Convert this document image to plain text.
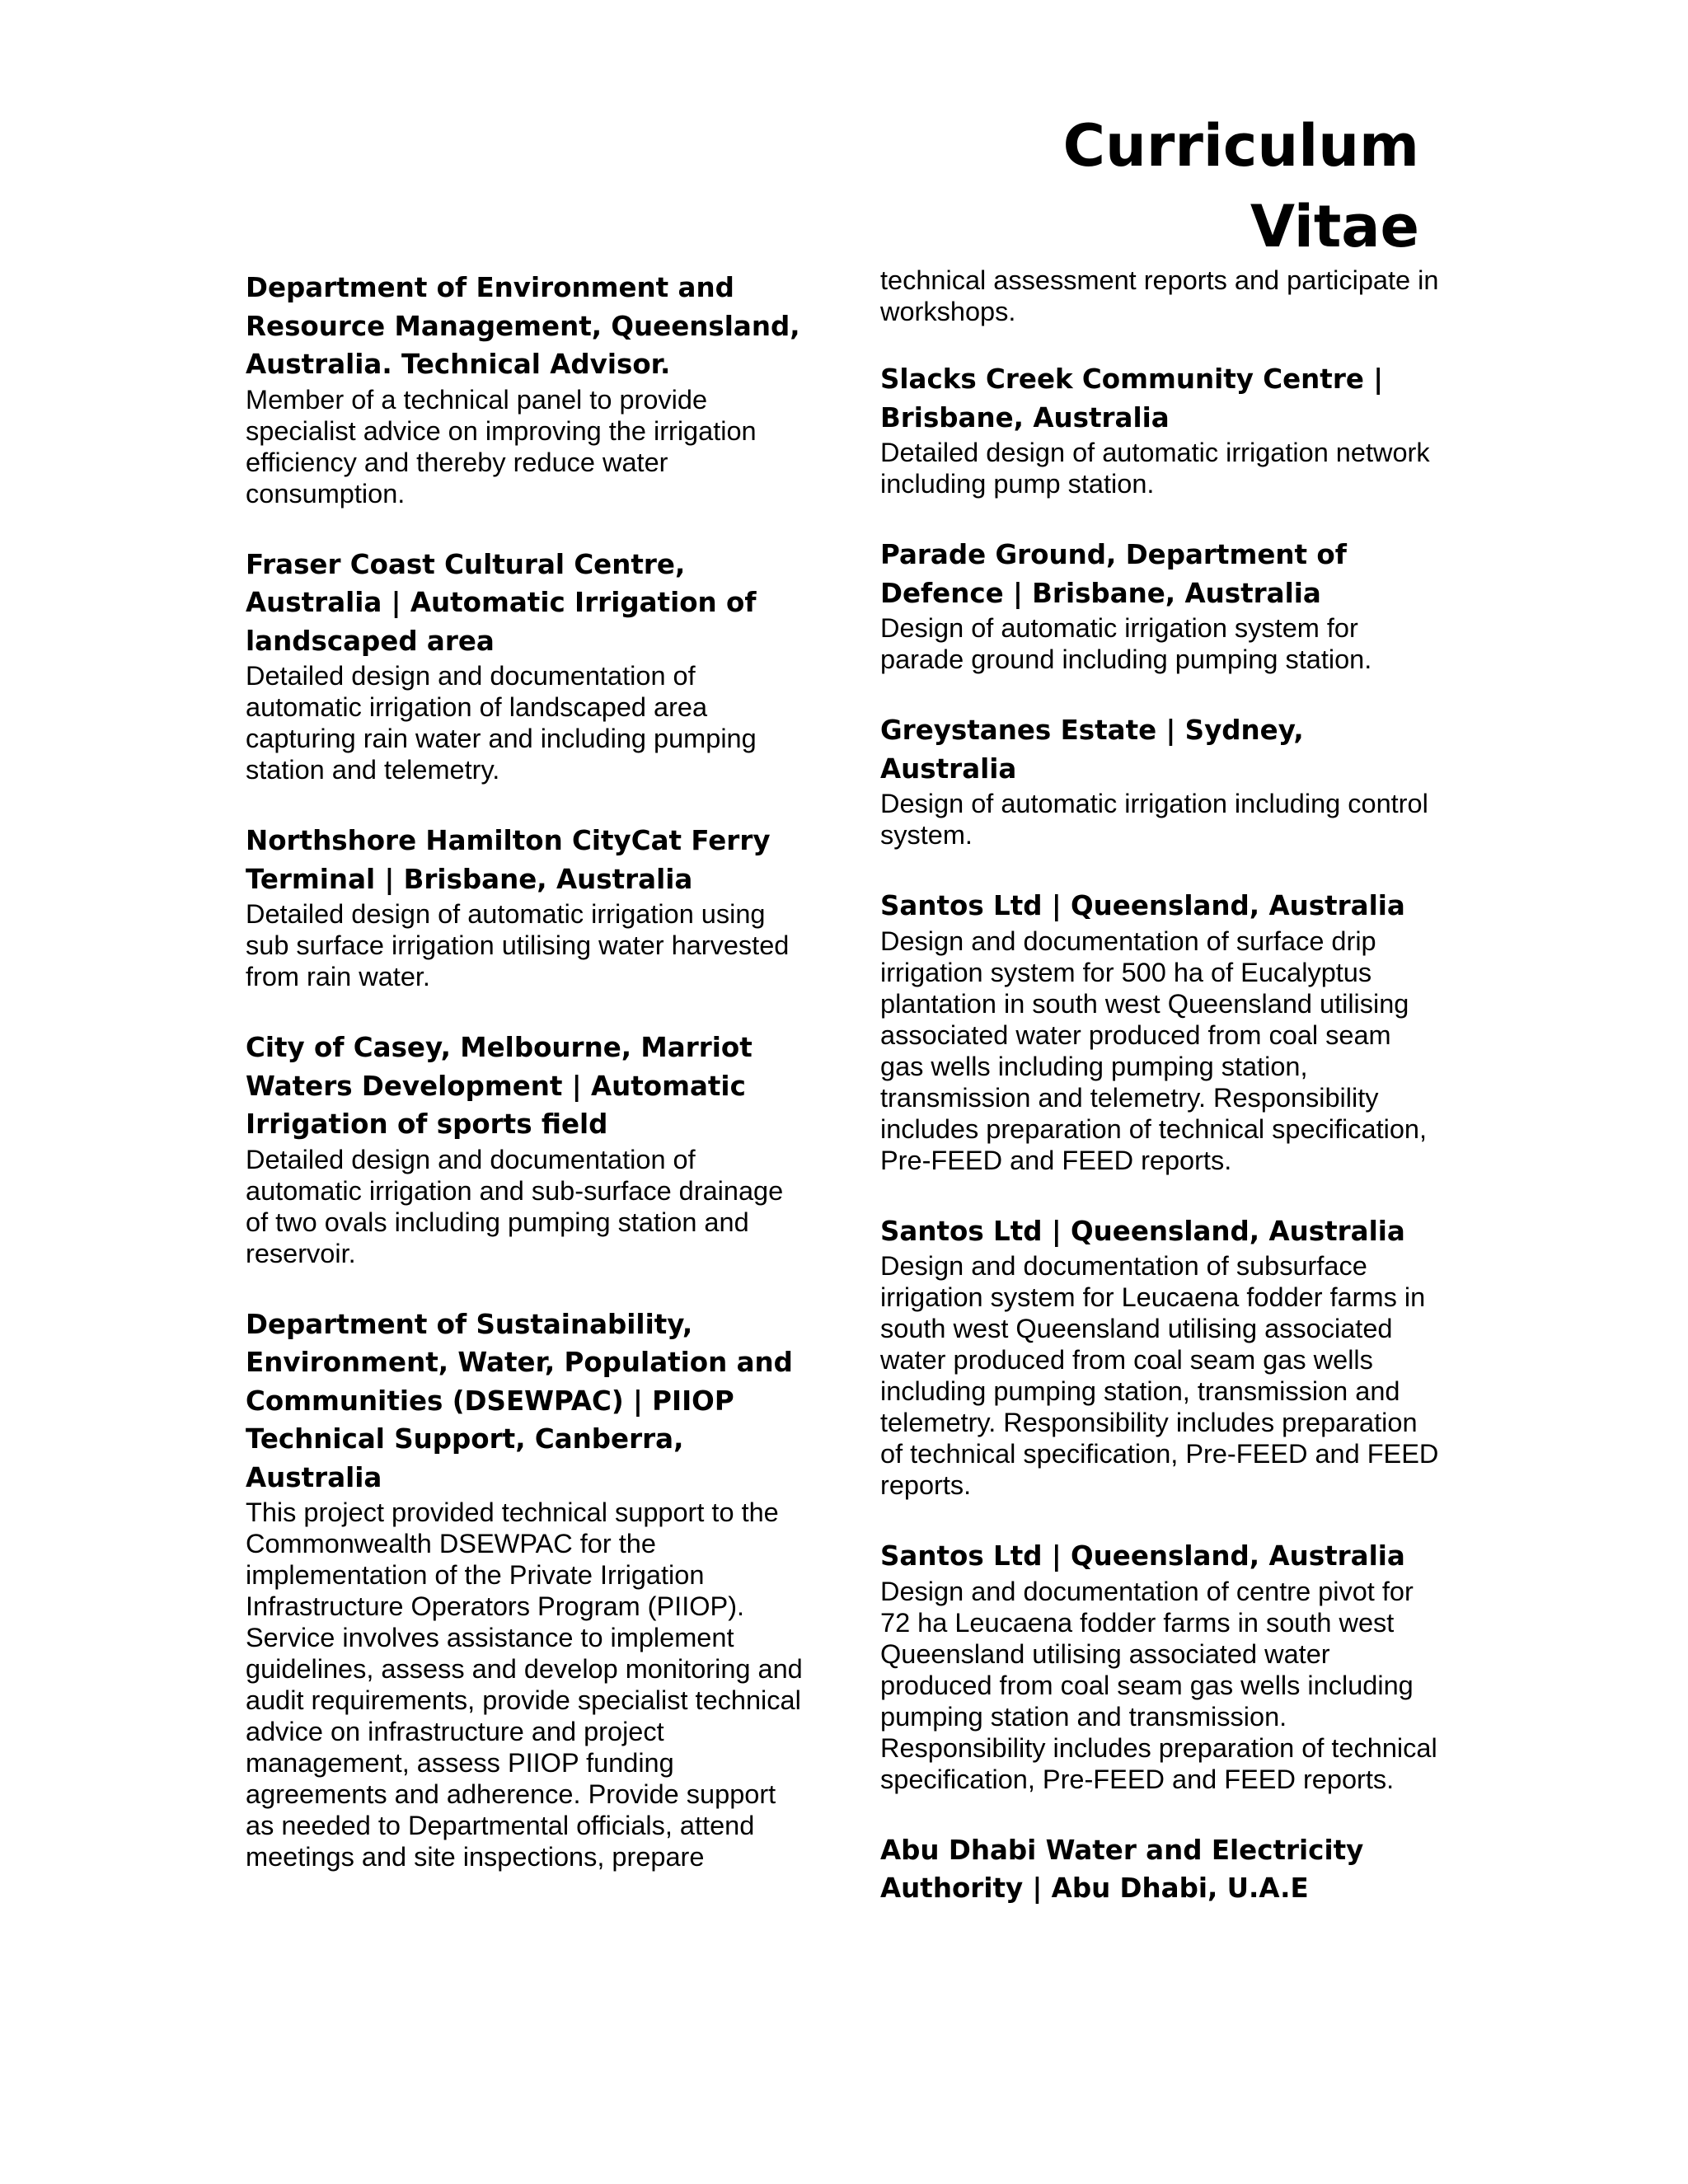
Curriculum
Vitae

Department of Environment and Resource Management, Queensland, Australia. Technical Advisor.

Member of a technical panel to provide specialist advice on improving the irrigation efficiency and thereby reduce water consumption.

Fraser Coast Cultural Centre, Australia | Automatic Irrigation of landscaped area

Detailed design and documentation of automatic irrigation of landscaped area capturing rain water and including pumping station and telemetry.

Northshore Hamilton CityCat Ferry Terminal | Brisbane, Australia

Detailed design of automatic irrigation using sub surface irrigation utilising water harvested from rain water.

City of Casey, Melbourne, Marriot Waters Development | Automatic Irrigation of sports field

Detailed design and documentation of automatic irrigation and sub-surface drainage of two ovals including pumping station and reservoir.

Department of Sustainability, Environment, Water, Population and Communities (DSEWPAC) | PIIOP Technical Support, Canberra, Australia

This project provided technical support to the Commonwealth DSEWPAC for the implementation of the Private Irrigation Infrastructure Operators Program (PIIOP). Service involves assistance to implement guidelines, assess and develop monitoring and audit requirements, provide specialist technical advice on infrastructure and project management, assess PIIOP funding agreements and adherence. Provide support as needed to Departmental officials, attend meetings and site inspections, prepare

technical assessment reports and participate in workshops.

Slacks Creek Community Centre | Brisbane, Australia

Detailed design of automatic irrigation network including pump station.

Parade Ground, Department of Defence | Brisbane, Australia

Design of automatic irrigation system for parade ground including pumping station.

Greystanes Estate | Sydney, Australia

Design of automatic irrigation including control system.

Santos Ltd | Queensland, Australia

Design and documentation of surface drip irrigation system for 500 ha of Eucalyptus plantation in south west Queensland utilising associated water produced from coal seam gas wells including pumping station, transmission and telemetry. Responsibility includes preparation of technical specification, Pre-FEED and FEED reports.

Santos Ltd | Queensland, Australia

Design and documentation of subsurface irrigation system for Leucaena fodder farms in south west Queensland utilising associated water produced from coal seam gas wells including pumping station, transmission and telemetry. Responsibility includes preparation of technical specification, Pre-FEED and FEED reports.

Santos Ltd | Queensland, Australia

Design and documentation of centre pivot for 72 ha Leucaena fodder farms in south west Queensland utilising associated water produced from coal seam gas wells including pumping station and transmission. Responsibility includes preparation of technical specification, Pre-FEED and FEED reports.

Abu Dhabi Water and Electricity Authority | Abu Dhabi, U.A.E
